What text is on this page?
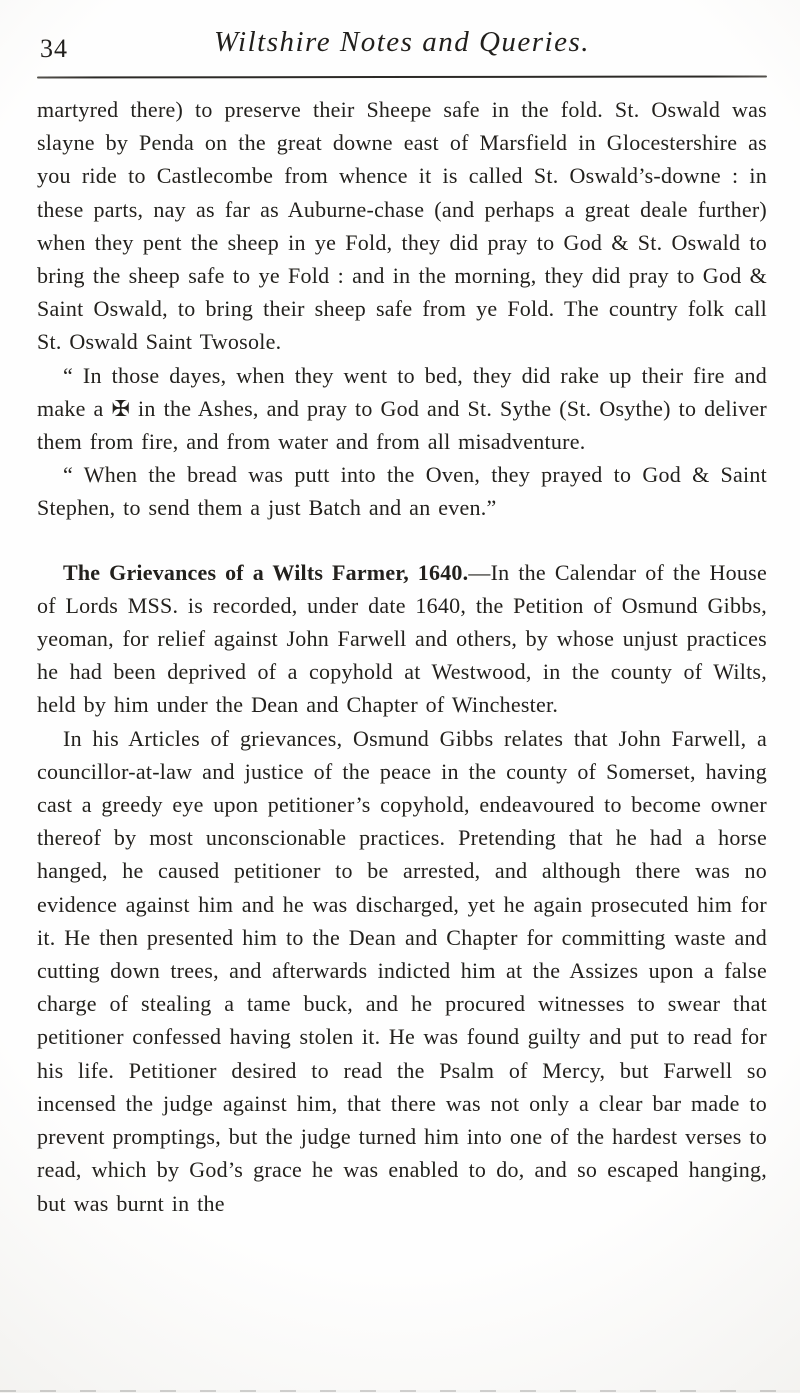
34	Wiltshire Notes and Queries.

martyred there) to preserve their Sheepe safe in the fold. St. Oswald was slayne by Penda on the great downe east of Marsfield in Glocestershire as you ride to Castlecombe from whence it is called St. Oswald’s-downe : in these parts, nay as far as Auburne-chase (and perhaps a great deale further) when they pent the sheep in ye Fold, they did pray to God & St. Oswald to bring the sheep safe to ye Fold : and in the morning, they did pray to God & Saint Oswald, to bring their sheep safe from ye Fold. The country folk call St. Oswald Saint Twosole.

“ In those dayes, when they went to bed, they did rake up their fire and make a ✠ in the Ashes, and pray to God and St. Sythe (St. Osythe) to deliver them from fire, and from water and from all misadventure.

“ When the bread was putt into the Oven, they prayed to God & Saint Stephen, to send them a just Batch and an even.”

The Grievances of a Wilts Farmer, 1640.—In the Calendar of the House of Lords MSS. is recorded, under date 1640, the Petition of Osmund Gibbs, yeoman, for relief against John Farwell and others, by whose unjust practices he had been deprived of a copyhold at Westwood, in the county of Wilts, held by him under the Dean and Chapter of Winchester.

In his Articles of grievances, Osmund Gibbs relates that John Farwell, a councillor-at-law and justice of the peace in the county of Somerset, having cast a greedy eye upon petitioner’s copyhold, endeavoured to become owner thereof by most unconscionable practices. Pretending that he had a horse hanged, he caused petitioner to be arrested, and although there was no evidence against him and he was discharged, yet he again prosecuted him for it. He then presented him to the Dean and Chapter for committing waste and cutting down trees, and afterwards indicted him at the Assizes upon a false charge of stealing a tame buck, and he procured witnesses to swear that petitioner confessed having stolen it. He was found guilty and put to read for his life. Petitioner desired to read the Psalm of Mercy, but Farwell so incensed the judge against him, that there was not only a clear bar made to prevent promptings, but the judge turned him into one of the hardest verses to read, which by God’s grace he was enabled to do, and so escaped hanging, but was burnt in the
